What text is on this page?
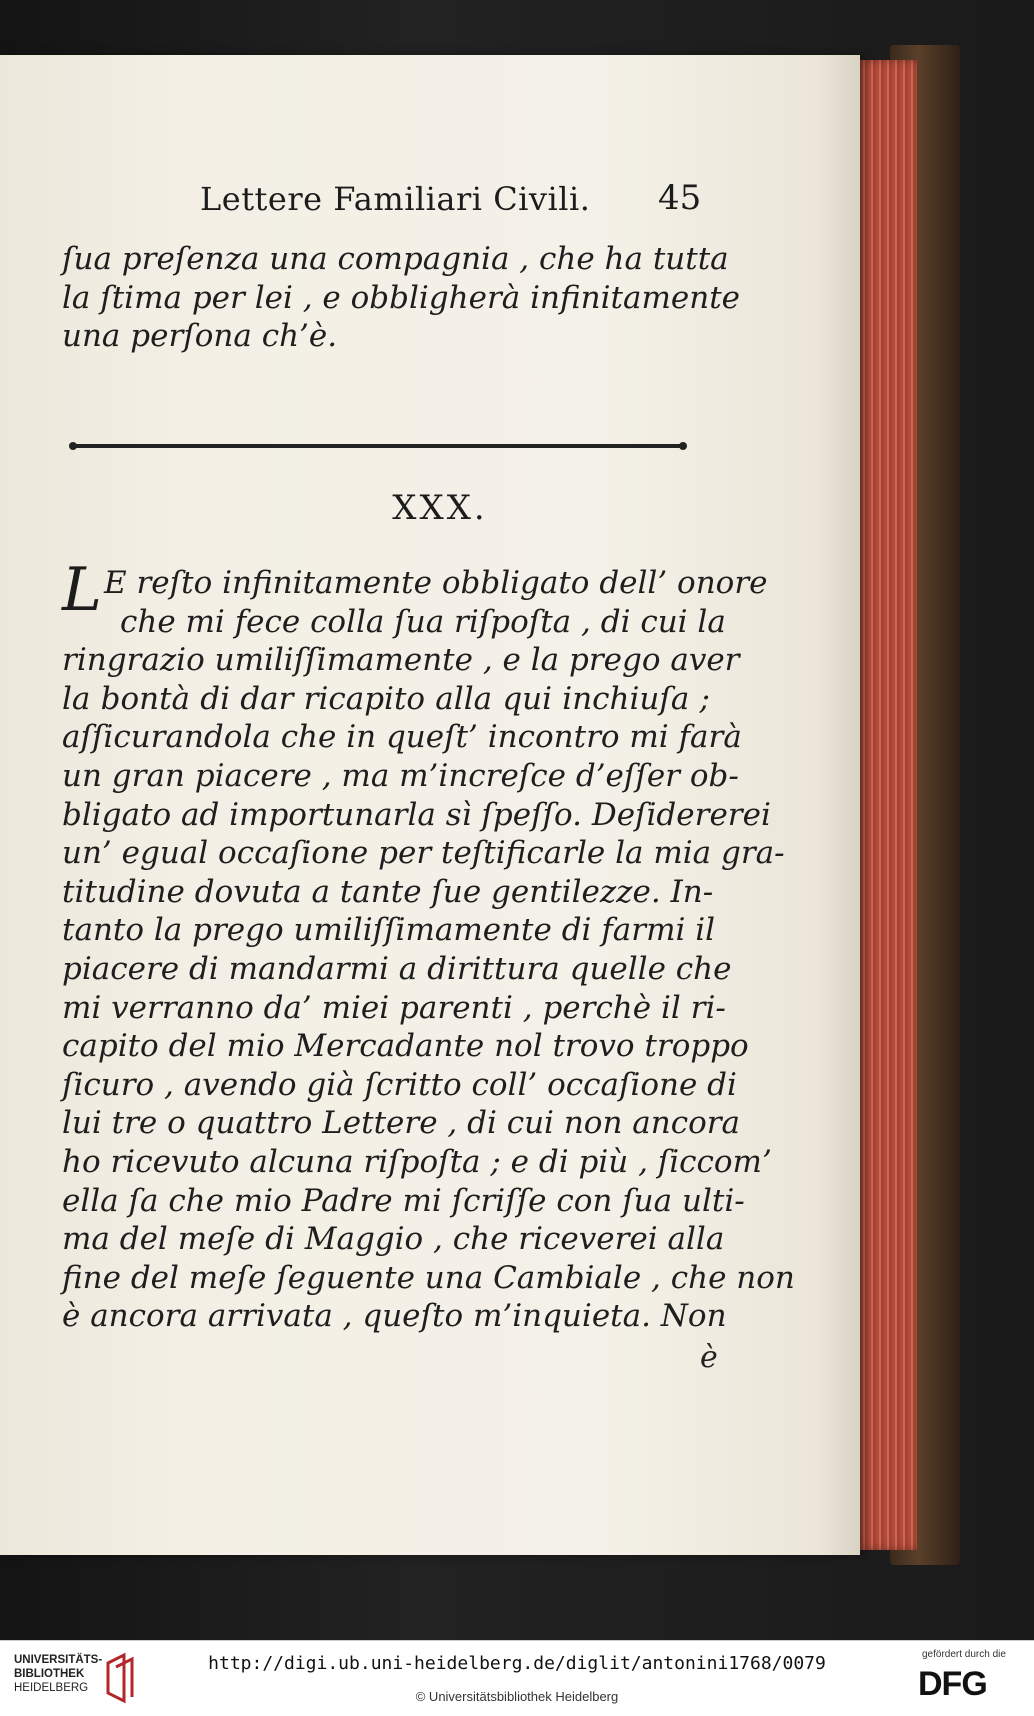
Lettere Familiari Civili. 45
ſua preſenza una compagnia , che ha tutta
la ſtima per lei , e obbligherà infinitamente
una perſona ch’è.
XXX.
L E reſto infinitamente obbligato dell’ onore
che mi fece colla ſua riſpoſta , di cui la
ringrazio umiliſſimamente , e la prego aver
la bontà di dar ricapito alla qui inchiuſa ;
aſſicurandola che in queſt’ incontro mi farà
un gran piacere , ma m’increſce d’eſſer ob-
bligato ad importunarla sì ſpeſſo. Deſidererei
un’ egual occaſione per teſtificarle la mia gra-
titudine dovuta a tante ſue gentilezze. In-
tanto la prego umiliſſimamente di farmi il
piacere di mandarmi a dirittura quelle che
mi verranno da’ miei parenti , perchè il ri-
capito del mio Mercadante nol trovo troppo
ſicuro , avendo già ſcritto coll’ occaſione di
lui tre o quattro Lettere , di cui non ancora
ho ricevuto alcuna riſpoſta ; e di più , ſiccom’
ella ſa che mio Padre mi ſcriſſe con ſua ulti-
ma del meſe di Maggio , che riceverei alla
fine del meſe ſeguente una Cambiale , che non
è ancora arrivata , queſto m’inquieta. Non
è
UNIVERSITÄTS-
BIBLIOTHEK
HEIDELBERG
http://digi.ub.uni-heidelberg.de/diglit/antonini1768/0079
© Universitätsbibliothek Heidelberg
gefördert durch die
DFG
